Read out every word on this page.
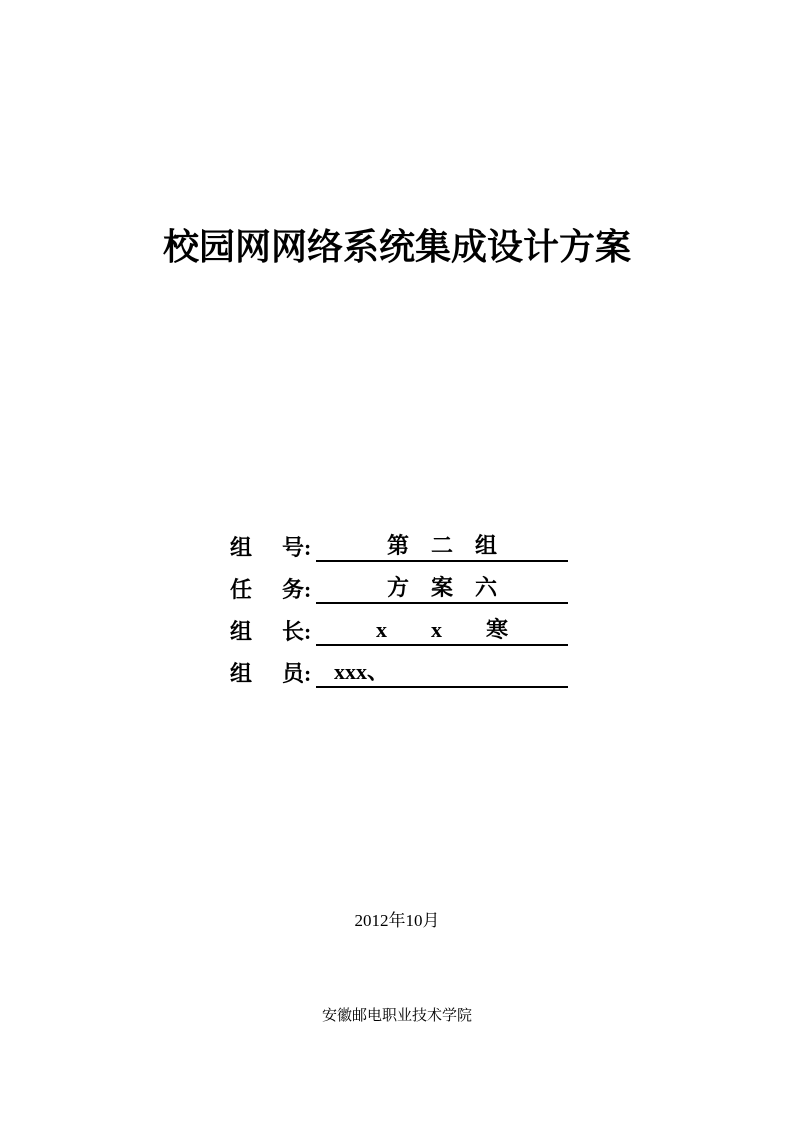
校园网网络系统集成设计方案
组　号 :	第　二　组
任　务 :	方　案　六
组　长 :	x　　x　　寒
组　员 :	xxx、
2012年10月
安徽邮电职业技术学院
